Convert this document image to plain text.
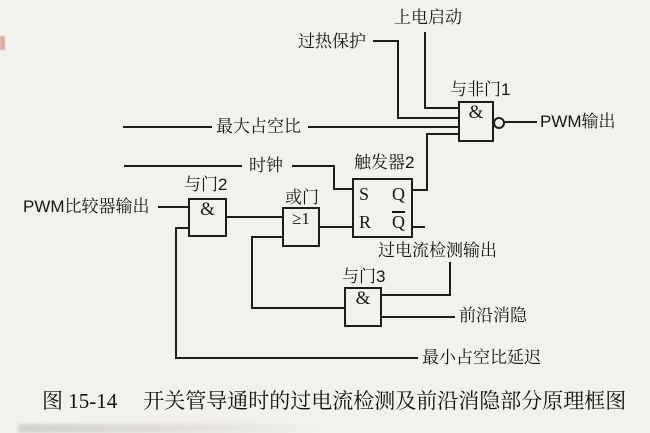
&
S Q
R Q
&	≥1
&
上电启动
过热保护
与非门1
PWM输出
最大占空比
时钟	触发器2
与门2
PWM比较器输出	或门
过电流检测输出
与门3
前沿消隐
最小占空比延迟
图 15-14 开关管导通时的过电流检测及前沿消隐部分原理框图
